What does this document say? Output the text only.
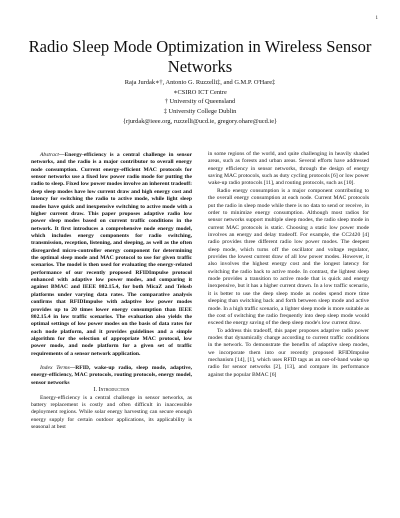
1
Radio Sleep Mode Optimization in Wireless Sensor Networks
Raja Jurdak∗†, Antonio G. Ruzzelli‡, and G.M.P. O'Hare‡
∗CSIRO ICT Centre
† University of Queensland
‡ University College Dublin
{rjurdak@ieee.org, ruzzelli@ucd.ie, gregory.ohare@ucd.ie}

Abstract—Energy-efficiency is a central challenge in sensor networks, and the radio is a major contributor to overall energy node consumption. Current energy-efficient MAC protocols for sensor networks use a fixed low power radio mode for putting the radio to sleep. Fixed low power modes involve an inherent tradeoff: deep sleep modes have low current draw and high energy cost and latency for switching the radio to active mode, while light sleep modes have quick and inexpensive switching to active mode with a higher current draw. This paper proposes adaptive radio low power sleep modes based on current traffic conditions in the network. It first introduces a comprehensive node energy model, which includes energy components for radio switching, transmission, reception, listening, and sleeping, as well as the often disregarded micro-controller energy component for determining the optimal sleep mode and MAC protocol to use for given traffic scenarios. The model is then used for evaluating the energy-related performance of our recently proposed RFIDImpulse protocol enhanced with adaptive low power modes, and comparing it against BMAC and IEEE 802.15.4, for both MicaZ and Telosb platforms under varying data rates. The comparative analysis confirms that RFIDImpulse with adaptive low power modes provides up to 20 times lower energy consumption than IEEE 802.15.4 in low traffic scenarios. The evaluation also yields the optimal settings of low power modes on the basis of data rates for each node platform, and it provides guidelines and a simple algorithm for the selection of appropriate MAC protocol, low power mode, and node platform for a given set of traffic requirements of a sensor network application.

Index Terms—RFID, wake-up radio, sleep mode, adaptive, energy-efficiency, MAC protocols, routing protocols, energy model, sensor networks

I. Introduction

Energy-efficiency is a central challenge in sensor networks, as battery replacement is costly and often difficult in inaccessible deployment regions. While solar energy harvesting can secure enough energy supply for certain outdoor applications, its applicability is seasonal at best

in some regions of the world, and quite challenging in heavily shaded areas, such as forests and urban areas. Several efforts have addressed energy efficiency in sensor networks, through the design of energy saving MAC protocols, such as duty cycling protocols [6] or low power wake-up radio protocols [11], and routing protocols, such as [10].

Radio energy consumption is a major component contributing to the overall energy consumption at each node. Current MAC protocols put the radio in sleep mode while there is no data to send or receive, in order to minimize energy consumption. Although most radios for sensor networks support multiple sleep modes, the radio sleep mode in current MAC protocols is static. Choosing a static low power mode involves an energy and delay tradeoff. For example, the CC2420 [4] radio provides three different radio low power modes. The deepest sleep mode, which turns off the oscillator and voltage regulator, provides the lowest current draw of all low power modes. However, it also involves the highest energy cost and the longest latency for switching the radio back to active mode. In contrast, the lightest sleep mode provides a transition to active mode that is quick and energy inexpensive, but it has a higher current drawn. In a low traffic scenario, it is better to use the deep sleep mode as nodes spend more time sleeping than switching back and forth between sleep mode and active mode. In a high traffic scenario, a lighter sleep mode is more suitable as the cost of switching the radio frequently into deep sleep mode would exceed the energy saving of the deep sleep mode's low current draw.

To address this tradeoff, this paper proposes adaptive radio power modes that dynamically change according to current traffic conditions in the network. To demonstrate the benefits of adaptive sleep modes, we incorporate them into our recently proposed RFIDImpulse mechanism [14], [1], which uses RFID tags as an out-of-band wake up radio for sensor networks [2], [13], and compare its performance against the popular BMAC [6]
